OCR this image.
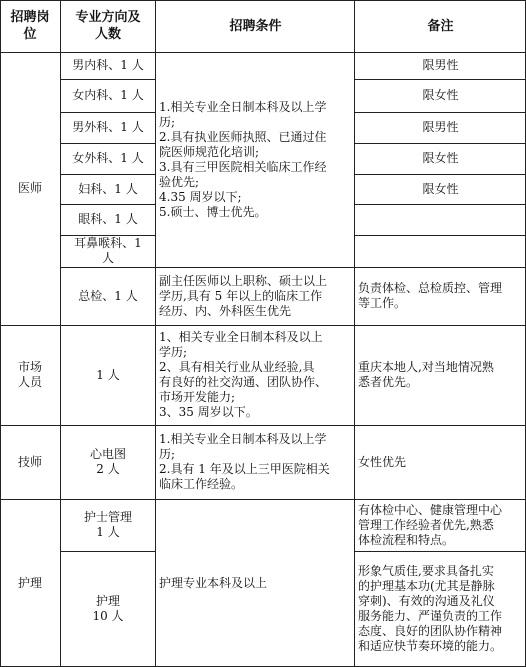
招聘岗
位
专业方向及
人数
招聘条件	备注
医师
男内科、1 人
女内科、1 人
男外科、1 人
女外科、1 人
妇科、1 人
眼科、1 人
耳鼻喉科、1
人
1.相关专业全日制本科及以上学
历;
2.具有执业医师执照、已通过住
院医师规范化培训;
3.具有三甲医院相关临床工作经
验优先;
4.35 周岁以下;
5.硕士、博士优先。
限男性
限女性
限男性
限女性
限女性
总检、1 人
副主任医师以上职称、硕士以上
学历,具有 5 年以上的临床工作
经历、内、外科医生优先
负责体检、总检质控、管理
等工作。
市场
人员
1 人
1、相关专业全日制本科及以上
学历;
2、具有相关行业从业经验,具
有良好的社交沟通、团队协作、
市场开发能力;
3、35 周岁以下。
重庆本地人,对当地情况熟
悉者优先。
技师
心电图
2 人
1.相关专业全日制本科及以上学
历;
2.具有 1 年及以上三甲医院相关
临床工作经验。
女性优先
护理
护士管理
1 人
护理
10 人
护理专业本科及以上
有体检中心、健康管理中心
管理工作经验者优先,熟悉
体检流程和特点。
形象气质佳,要求具备扎实
的护理基本功(尤其是静脉
穿刺)、有效的沟通及礼仪
服务能力、严谨负责的工作
态度、良好的团队协作精神
和适应快节奏环境的能力。
